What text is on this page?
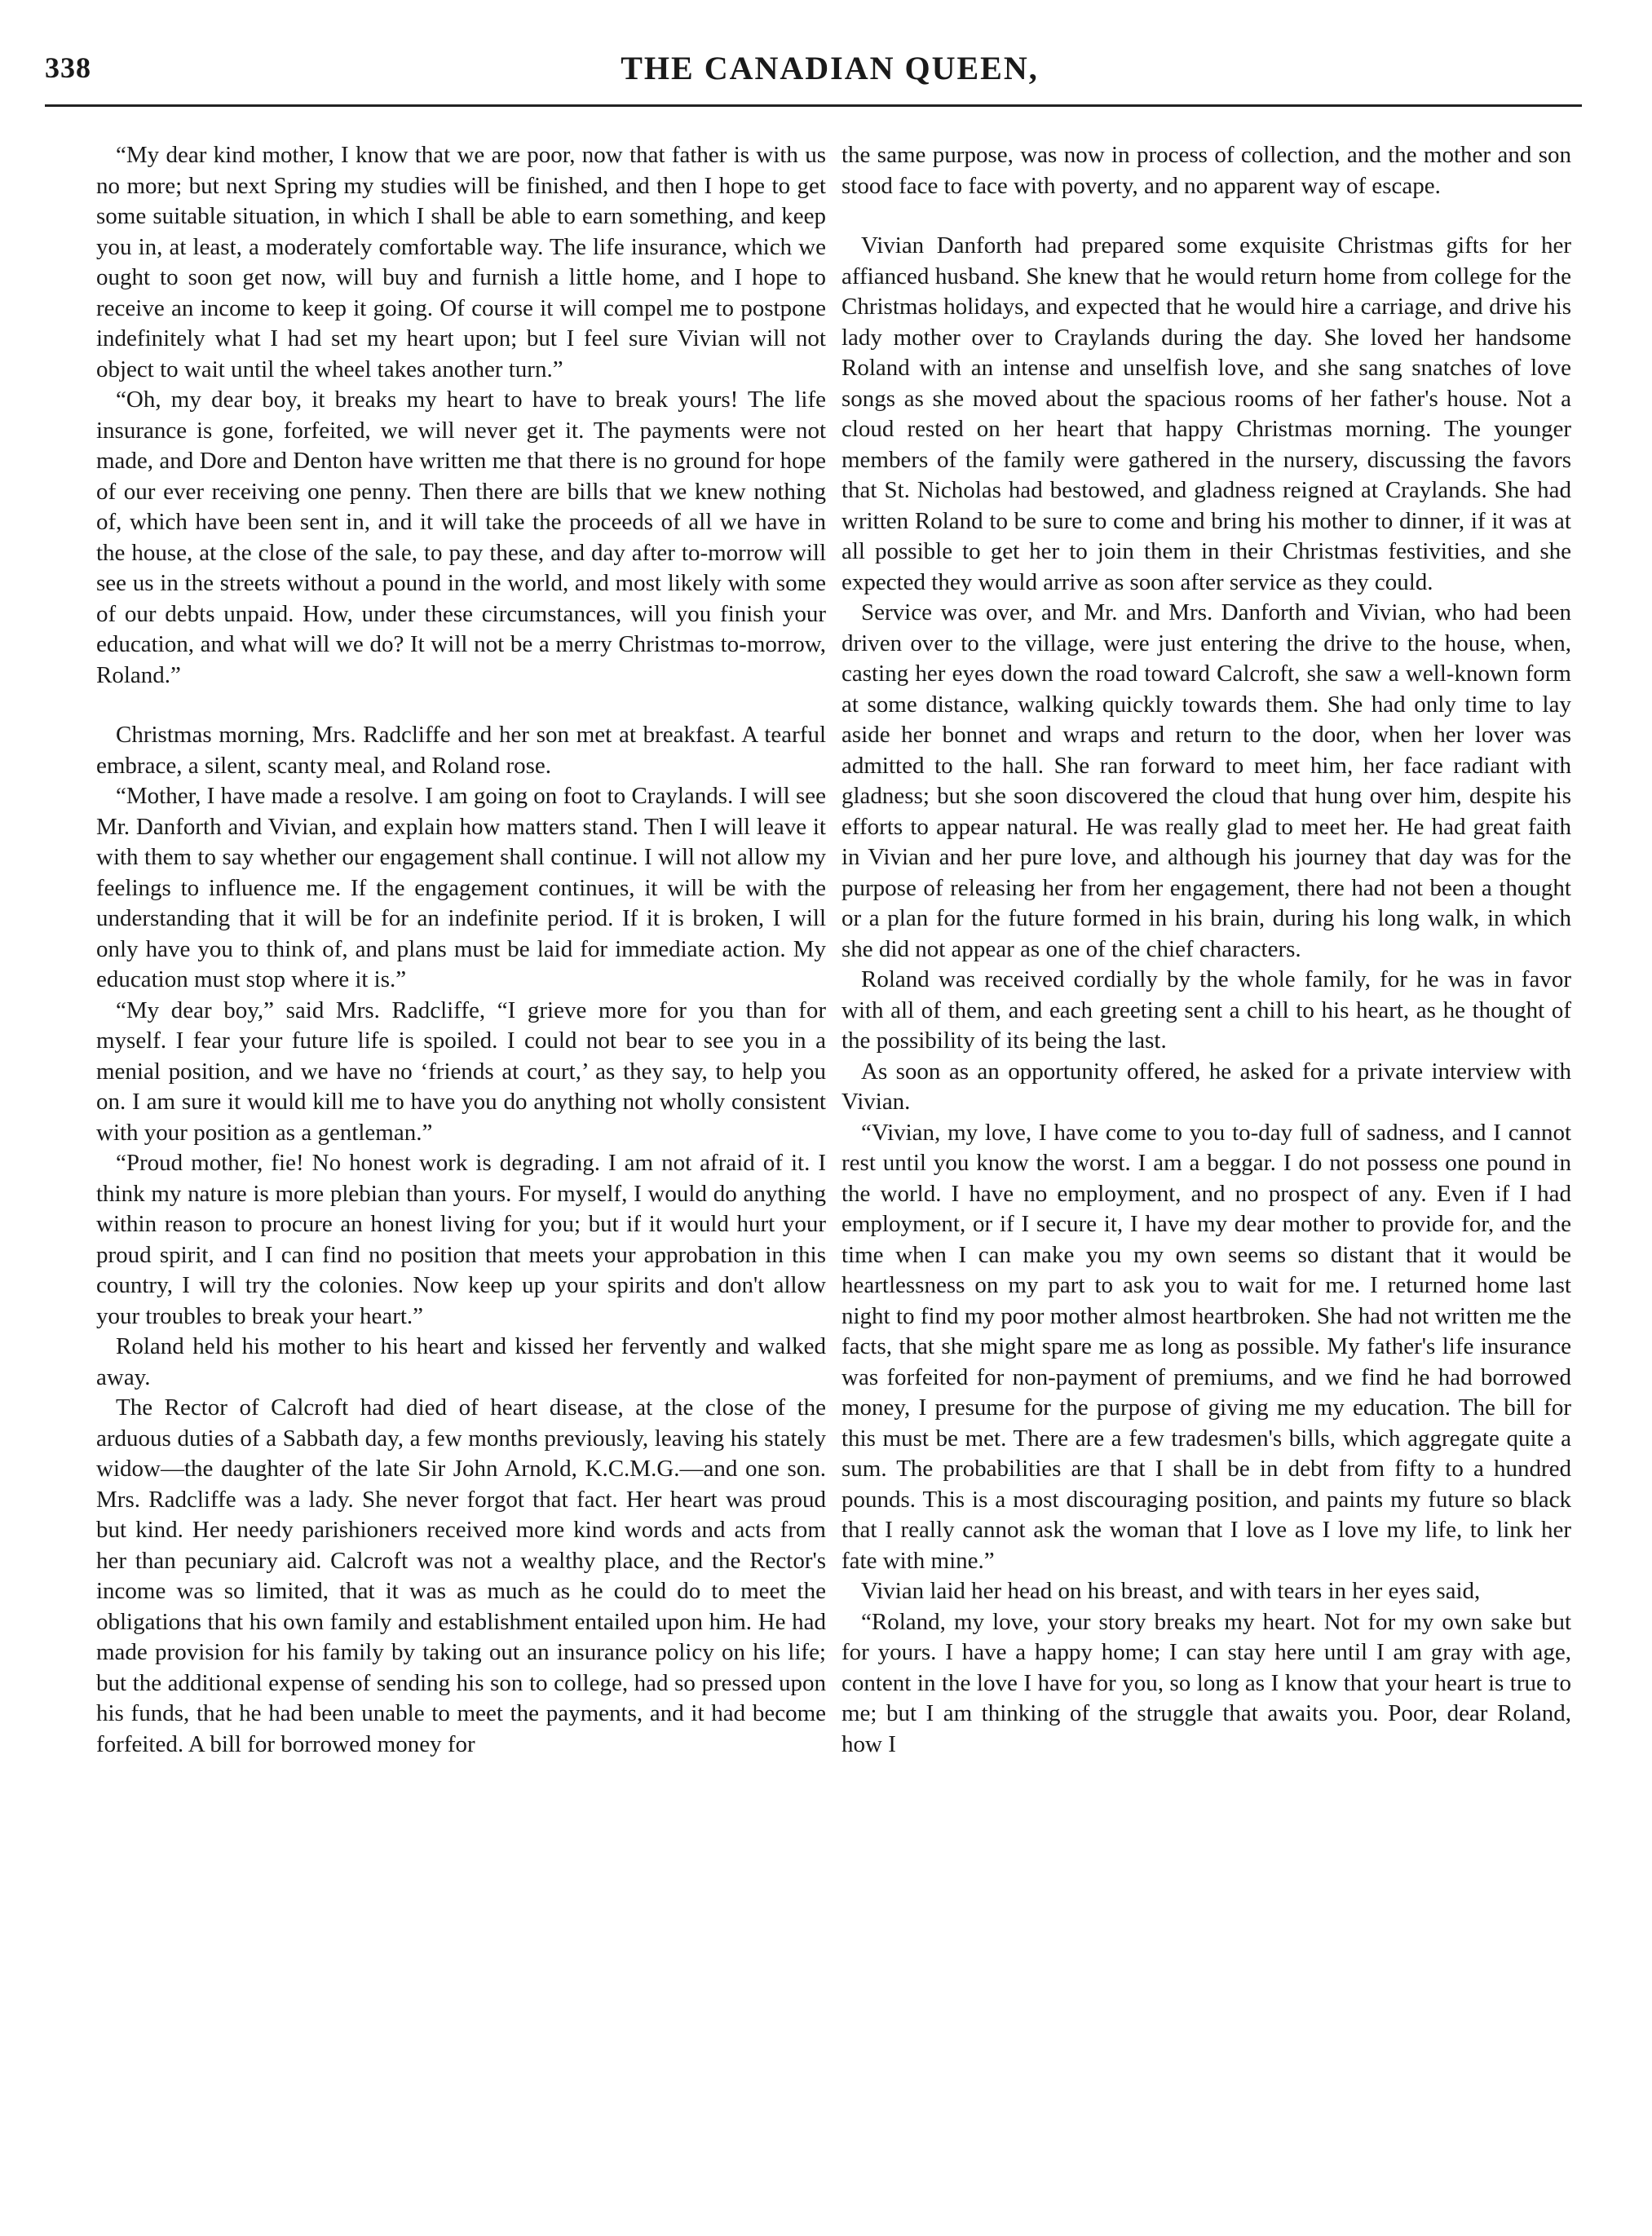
338	THE CANADIAN QUEEN,

“My dear kind mother, I know that we are poor, now that father is with us no more; but next Spring my studies will be finished, and then I hope to get some suitable situation, in which I shall be able to earn something, and keep you in, at least, a moderately comfortable way. The life insurance, which we ought to soon get now, will buy and furnish a little home, and I hope to receive an income to keep it going. Of course it will compel me to postpone indefinitely what I had set my heart upon; but I feel sure Vivian will not object to wait until the wheel takes another turn.”

“Oh, my dear boy, it breaks my heart to have to break yours! The life insurance is gone, forfeited, we will never get it. The payments were not made, and Dore and Denton have written me that there is no ground for hope of our ever receiving one penny. Then there are bills that we knew nothing of, which have been sent in, and it will take the proceeds of all we have in the house, at the close of the sale, to pay these, and day after to-morrow will see us in the streets without a pound in the world, and most likely with some of our debts unpaid. How, under these circumstances, will you finish your education, and what will we do? It will not be a merry Christmas to-morrow, Roland.”

Christmas morning, Mrs. Radcliffe and her son met at breakfast. A tearful embrace, a silent, scanty meal, and Roland rose.

“Mother, I have made a resolve. I am going on foot to Craylands. I will see Mr. Danforth and Vivian, and explain how matters stand. Then I will leave it with them to say whether our engagement shall continue. I will not allow my feelings to influence me. If the engagement continues, it will be with the understanding that it will be for an indefinite period. If it is broken, I will only have you to think of, and plans must be laid for immediate action. My education must stop where it is.”

“My dear boy,” said Mrs. Radcliffe, “I grieve more for you than for myself. I fear your future life is spoiled. I could not bear to see you in a menial position, and we have no ‘friends at court,’ as they say, to help you on. I am sure it would kill me to have you do anything not wholly consistent with your position as a gentleman.”

“Proud mother, fie! No honest work is degrading. I am not afraid of it. I think my nature is more plebian than yours. For myself, I would do anything within reason to procure an honest living for you; but if it would hurt your proud spirit, and I can find no position that meets your approbation in this country, I will try the colonies. Now keep up your spirits and don't allow your troubles to break your heart.”

Roland held his mother to his heart and kissed her fervently and walked away.

The Rector of Calcroft had died of heart disease, at the close of the arduous duties of a Sabbath day, a few months previously, leaving his stately widow—the daughter of the late Sir John Arnold, K.C.M.G.—and one son. Mrs. Radcliffe was a lady. She never forgot that fact. Her heart was proud but kind. Her needy parishioners received more kind words and acts from her than pecuniary aid. Calcroft was not a wealthy place, and the Rector's income was so limited, that it was as much as he could do to meet the obligations that his own family and establishment entailed upon him. He had made provision for his family by taking out an insurance policy on his life; but the additional expense of sending his son to college, had so pressed upon his funds, that he had been unable to meet the payments, and it had become forfeited. A bill for borrowed money for

the same purpose, was now in process of collection, and the mother and son stood face to face with poverty, and no apparent way of escape.

Vivian Danforth had prepared some exquisite Christmas gifts for her affianced husband. She knew that he would return home from college for the Christmas holidays, and expected that he would hire a carriage, and drive his lady mother over to Craylands during the day. She loved her handsome Roland with an intense and unselfish love, and she sang snatches of love songs as she moved about the spacious rooms of her father's house. Not a cloud rested on her heart that happy Christmas morning. The younger members of the family were gathered in the nursery, discussing the favors that St. Nicholas had bestowed, and gladness reigned at Craylands. She had written Roland to be sure to come and bring his mother to dinner, if it was at all possible to get her to join them in their Christmas festivities, and she expected they would arrive as soon after service as they could.

Service was over, and Mr. and Mrs. Danforth and Vivian, who had been driven over to the village, were just entering the drive to the house, when, casting her eyes down the road toward Calcroft, she saw a well-known form at some distance, walking quickly towards them. She had only time to lay aside her bonnet and wraps and return to the door, when her lover was admitted to the hall. She ran forward to meet him, her face radiant with gladness; but she soon discovered the cloud that hung over him, despite his efforts to appear natural. He was really glad to meet her. He had great faith in Vivian and her pure love, and although his journey that day was for the purpose of releasing her from her engagement, there had not been a thought or a plan for the future formed in his brain, during his long walk, in which she did not appear as one of the chief characters.

Roland was received cordially by the whole family, for he was in favor with all of them, and each greeting sent a chill to his heart, as he thought of the possibility of its being the last.

As soon as an opportunity offered, he asked for a private interview with Vivian.

“Vivian, my love, I have come to you to-day full of sadness, and I cannot rest until you know the worst. I am a beggar. I do not possess one pound in the world. I have no employment, and no prospect of any. Even if I had employment, or if I secure it, I have my dear mother to provide for, and the time when I can make you my own seems so distant that it would be heartlessness on my part to ask you to wait for me. I returned home last night to find my poor mother almost heartbroken. She had not written me the facts, that she might spare me as long as possible. My father's life insurance was forfeited for non-payment of premiums, and we find he had borrowed money, I presume for the purpose of giving me my education. The bill for this must be met. There are a few tradesmen's bills, which aggregate quite a sum. The probabilities are that I shall be in debt from fifty to a hundred pounds. This is a most discouraging position, and paints my future so black that I really cannot ask the woman that I love as I love my life, to link her fate with mine.”

Vivian laid her head on his breast, and with tears in her eyes said,

“Roland, my love, your story breaks my heart. Not for my own sake but for yours. I have a happy home; I can stay here until I am gray with age, content in the love I have for you, so long as I know that your heart is true to me; but I am thinking of the struggle that awaits you. Poor, dear Roland, how I
